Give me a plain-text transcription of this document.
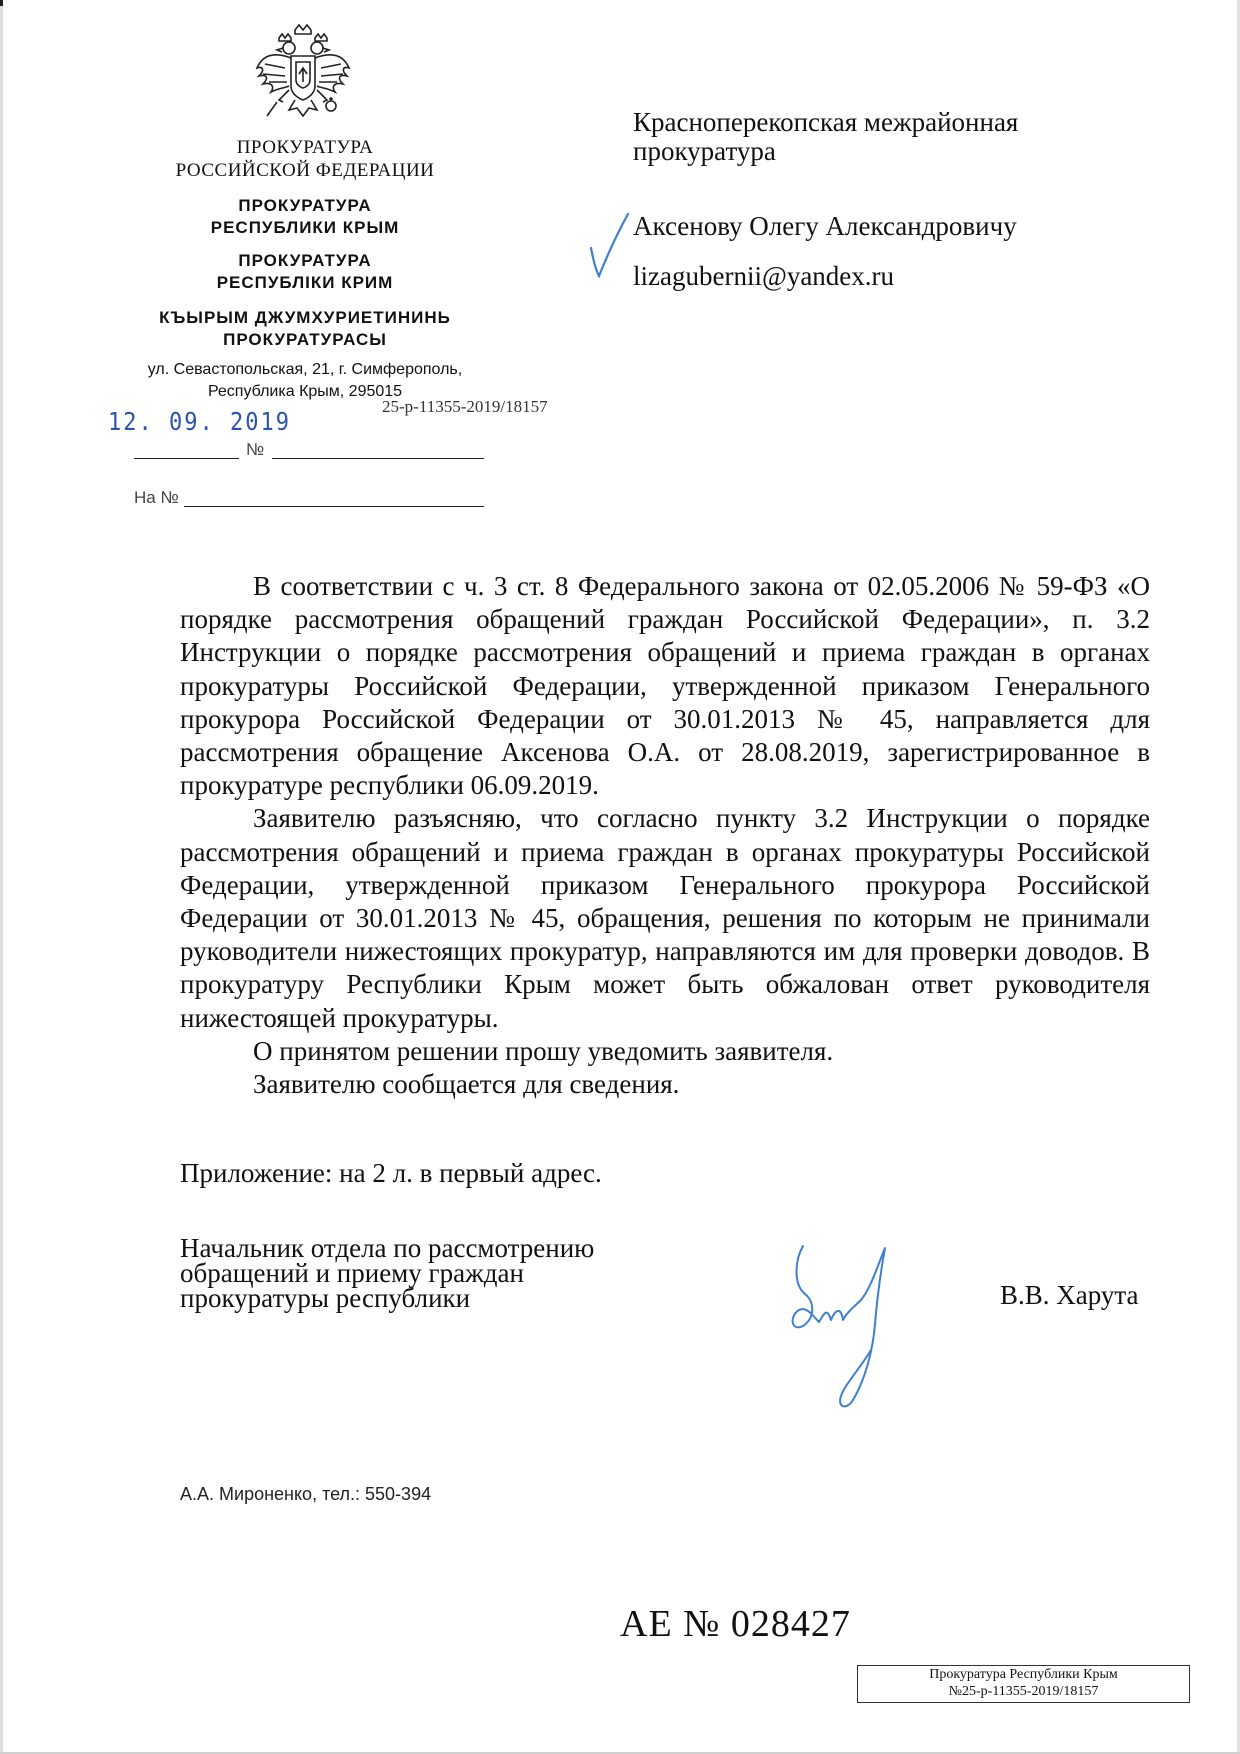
ПРОКУРАТУРА
РОССИЙСКОЙ ФЕДЕРАЦИИ
ПРОКУРАТУРА
РЕСПУБЛИКИ КРЫМ
ПРОКУРАТУРА
РЕСПУБЛІКИ КРИМ
КЪЫРЫМ ДЖУМХУРИЕТИНИНЬ
ПРОКУРАТУРАСЫ
ул. Севастопольская, 21, г. Симферополь,
Республика Крым, 295015
25-р-11355-2019/18157
12. 09. 2019
№
На №
Красноперекопская межрайонная прокуратура
Аксенову Олегу Александровичу
lizagubernii@yandex.ru

В соответствии с ч. 3 ст. 8 Федерального закона от 02.05.2006 № 59-ФЗ «О порядке рассмотрения обращений граждан Российской Федерации», п. 3.2 Инструкции о порядке рассмотрения обращений и приема граждан в органах прокуратуры Российской Федерации, утвержденной приказом Генерального прокурора Российской Федерации от 30.01.2013 № 45, направляется для рассмотрения обращение Аксенова О.А. от 28.08.2019, зарегистрированное в прокуратуре республики 06.09.2019.

Заявителю разъясняю, что согласно пункту 3.2 Инструкции о порядке рассмотрения обращений и приема граждан в органах прокуратуры Российской Федерации, утвержденной приказом Генерального прокурора Российской Федерации от 30.01.2013 № 45, обращения, решения по которым не принимали руководители нижестоящих прокуратур, направляются им для проверки доводов. В прокуратуру Республики Крым может быть обжалован ответ руководителя нижестоящей прокуратуры.

О принятом решении прошу уведомить заявителя.

Заявителю сообщается для сведения.

Приложение: на 2 л. в первый адрес.
Начальник отдела по рассмотрению
обращений и приему граждан
прокуратуры республики	В.В. Харута
А.А. Мироненко, тел.: 550-394
АЕ № 028427
Прокуратура Республики Крым
№25-р-11355-2019/18157
